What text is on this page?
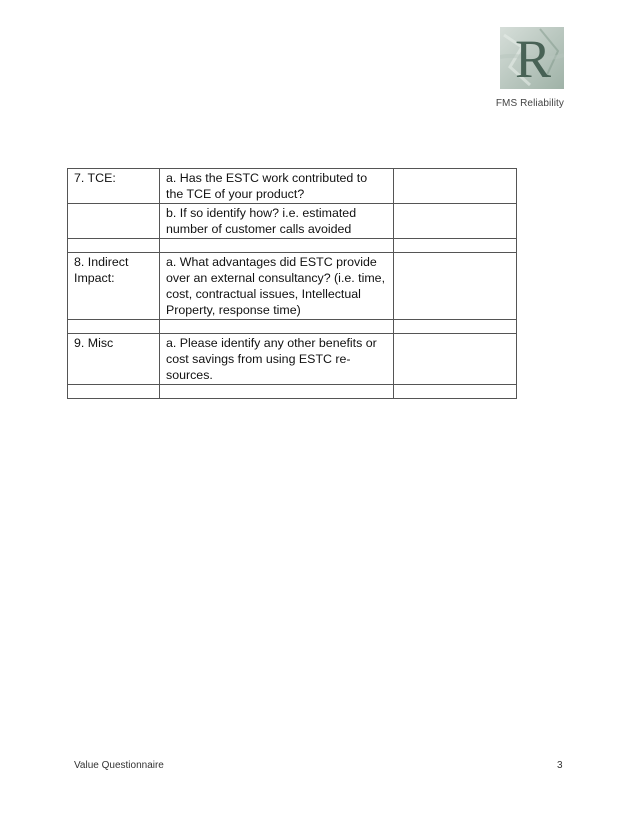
R
FMS Reliability
7. TCE:	a. Has the ESTC work contributed to the TCE of your product?	
	b. If so identify how? i.e. estimated number of customer calls avoided	

8. Indirect Impact:	a. What advantages did ESTC provide over an external consultancy? (i.e. time, cost, contractual issues, Intellectual Property, response time)	

9. Misc	a. Please identify any other benefits or cost savings from using ESTC re-sources.	

Value Questionnaire	3
